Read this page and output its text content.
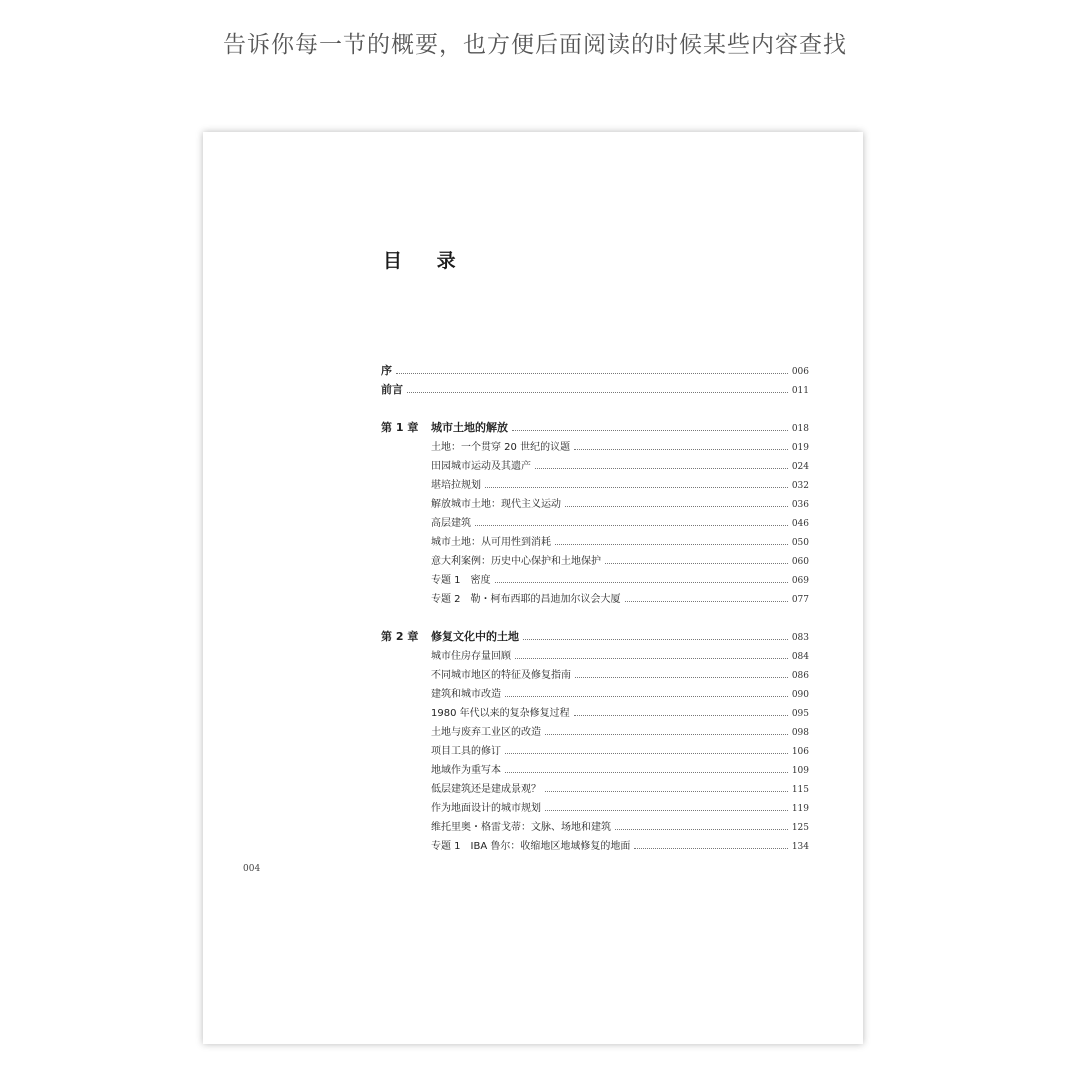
告诉你每一节的概要，也方便后面阅读的时候某些内容查找
目 录
序	006
前言	011
第 1 章	城市土地的解放	018
土地：一个贯穿 20 世纪的议题	019
田园城市运动及其遗产	024
堪培拉规划	032
解放城市土地：现代主义运动	036
高层建筑	046
城市土地：从可用性到消耗	050
意大利案例：历史中心保护和土地保护	060
专题 1　密度	069
专题 2　勒・柯布西耶的昌迪加尔议会大厦	077
第 2 章	修复文化中的土地	083
城市住房存量回顾	084
不同城市地区的特征及修复指南	086
建筑和城市改造	090
1980 年代以来的复杂修复过程	095
土地与废弃工业区的改造	098
项目工具的修订	106
地域作为重写本	109
低层建筑还是建成景观？	115
作为地面设计的城市规划	119
维托里奥・格雷戈蒂：文脉、场地和建筑	125
专题 1　IBA 鲁尔：收缩地区地域修复的地面	134
004
